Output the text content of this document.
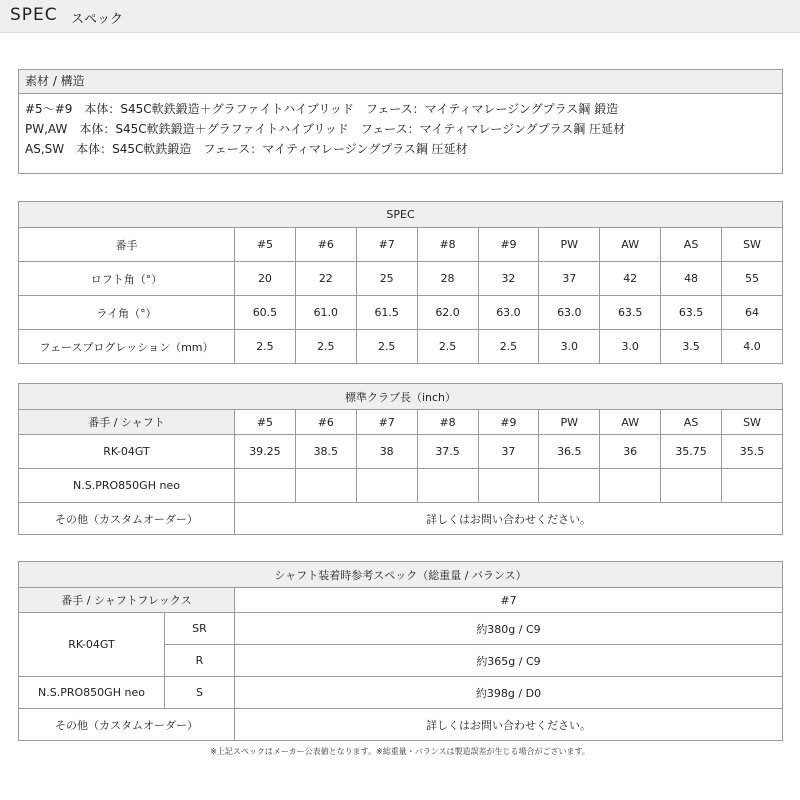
SPEC スペック
素材 / 構造
#5～#9　本体：S45C軟鉄鍛造＋グラファイトハイブリッド　フェース：マイティマレージングプラス鋼 鍛造
PW,AW　本体：S45C軟鉄鍛造＋グラファイトハイブリッド　フェース：マイティマレージングプラス鋼 圧延材
AS,SW　本体：S45C軟鉄鍛造　フェース：マイティマレージングプラス鋼 圧延材
SPEC									
番手	#5	#6	#7	#8	#9	PW	AW	AS	SW
ロフト角（°）	20	22	25	28	32	37	42	48	55
ライ角（°）	60.5	61.0	61.5	62.0	63.0	63.0	63.5	63.5	64
フェースプログレッション（mm）	2.5	2.5	2.5	2.5	2.5	3.0	3.0	3.5	4.0
標準クラブ長（inch）									
番手 / シャフト	#5	#6	#7	#8	#9	PW	AW	AS	SW
RK-04GT	39.25	38.5	38	37.5	37	36.5	36	35.75	35.5
N.S.PRO850GH neo									
その他（カスタムオーダー）	詳しくはお問い合わせください。								
シャフト装着時参考スペック（総重量 / バランス）		
番手 / シャフトフレックス		#7
RK-04GT	SR	約380g / C9
	R	約365g / C9
N.S.PRO850GH neo	S	約398g / D0
その他（カスタムオーダー）		詳しくはお問い合わせください。
※上記スペックはメーカー公表値となります。※総重量・バランスは製造誤差が生じる場合がございます。
